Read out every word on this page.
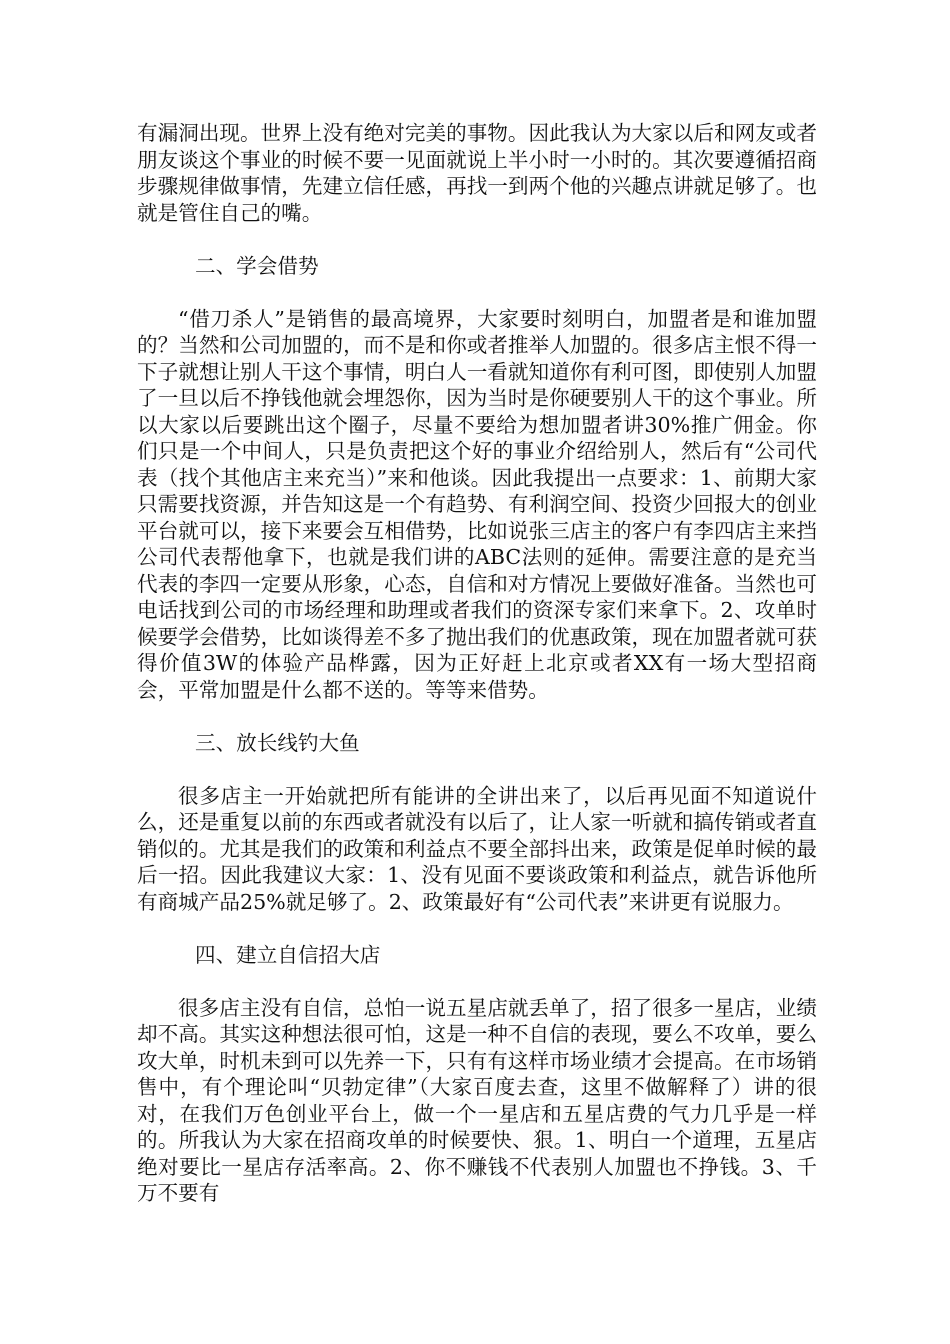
有漏洞出现。世界上没有绝对完美的事物。因此我认为大家以后和网友或者朋友谈这个事业的时候不要一见面就说上半小时一小时的。其次要遵循招商步骤规律做事情，先建立信任感，再找一到两个他的兴趣点讲就足够了。也就是管住自己的嘴。

二、学会借势

“借刀杀人”是销售的最高境界，大家要时刻明白，加盟者是和谁加盟的？当然和公司加盟的，而不是和你或者推举人加盟的。很多店主恨不得一下子就想让别人干这个事情，明白人一看就知道你有利可图，即使别人加盟了一旦以后不挣钱他就会埋怨你，因为当时是你硬要别人干的这个事业。所以大家以后要跳出这个圈子，尽量不要给为想加盟者讲30%推广佣金。你们只是一个中间人，只是负责把这个好的事业介绍给别人，然后有“公司代表（找个其他店主来充当）”来和他谈。因此我提出一点要求：1、前期大家只需要找资源，并告知这是一个有趋势、有利润空间、投资少回报大的创业平台就可以，接下来要会互相借势，比如说张三店主的客户有李四店主来挡公司代表帮他拿下，也就是我们讲的ABC法则的延伸。需要注意的是充当代表的李四一定要从形象，心态，自信和对方情况上要做好准备。当然也可电话找到公司的市场经理和助理或者我们的资深专家们来拿下。2、攻单时候要学会借势，比如谈得差不多了抛出我们的优惠政策，现在加盟者就可获得价值3W的体验产品桦露，因为正好赶上北京或者XX有一场大型招商会，平常加盟是什么都不送的。等等来借势。

三、放长线钓大鱼

很多店主一开始就把所有能讲的全讲出来了，以后再见面不知道说什么，还是重复以前的东西或者就没有以后了，让人家一听就和搞传销或者直销似的。尤其是我们的政策和利益点不要全部抖出来，政策是促单时候的最后一招。因此我建议大家：1、没有见面不要谈政策和利益点，就告诉他所有商城产品25%就足够了。2、政策最好有“公司代表”来讲更有说服力。

四、建立自信招大店

很多店主没有自信，总怕一说五星店就丢单了，招了很多一星店，业绩却不高。其实这种想法很可怕，这是一种不自信的表现，要么不攻单，要么攻大单，时机未到可以先养一下，只有有这样市场业绩才会提高。在市场销售中，有个理论叫“贝勃定律”（大家百度去查，这里不做解释了）讲的很对，在我们万色创业平台上，做一个一星店和五星店费的气力几乎是一样的。所我认为大家在招商攻单的时候要快、狠。1、明白一个道理，五星店绝对要比一星店存活率高。2、你不赚钱不代表别人加盟也不挣钱。3、千万不要有
